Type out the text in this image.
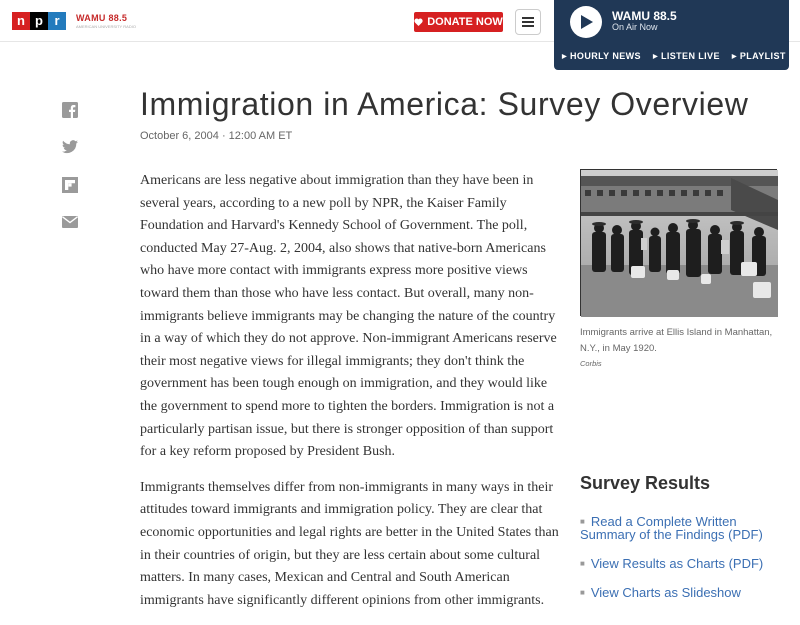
n p r	WAMU 88.5
AMERICAN UNIVERSITY RADIO	DONATE NOW	WAMU 88.5
On Air Now
▶ HOURLY NEWS ▶ LISTEN LIVE ▶ PLAYLIST
Immigration in America: Survey Overview
October 6, 2004 · 12:00 AM ET

Americans are less negative about immigration than they have been in several years, according to a new poll by NPR, the Kaiser Family Foundation and Harvard's Kennedy School of Government. The poll, conducted May 27-Aug. 2, 2004, also shows that native-born Americans who have more contact with immigrants express more positive views toward them than those who have less contact. But overall, many non-immigrants believe immigrants may be changing the nature of the country in a way of which they do not approve. Non-immigrant Americans reserve their most negative views for illegal immigrants; they don't think the government has been tough enough on immigration, and they would like the government to spend more to tighten the borders. Immigration is not a particularly partisan issue, but there is stronger opposition of than support for a key reform proposed by President Bush.

Immigrants themselves differ from non-immigrants in many ways in their attitudes toward immigrants and immigration policy. They are clear that economic opportunities and legal rights are better in the United States than in their countries of origin, but they are less certain about some cultural matters. In many cases, Mexican and Central and South American immigrants have significantly different opinions from other immigrants.

Immigrants arrive at Ellis Island in Manhattan, N.Y., in May 1920.
Corbis
Survey Results
■ Read a Complete Written Summary of the Findings (PDF)
■ View Results as Charts (PDF)
■ View Charts as Slideshow
